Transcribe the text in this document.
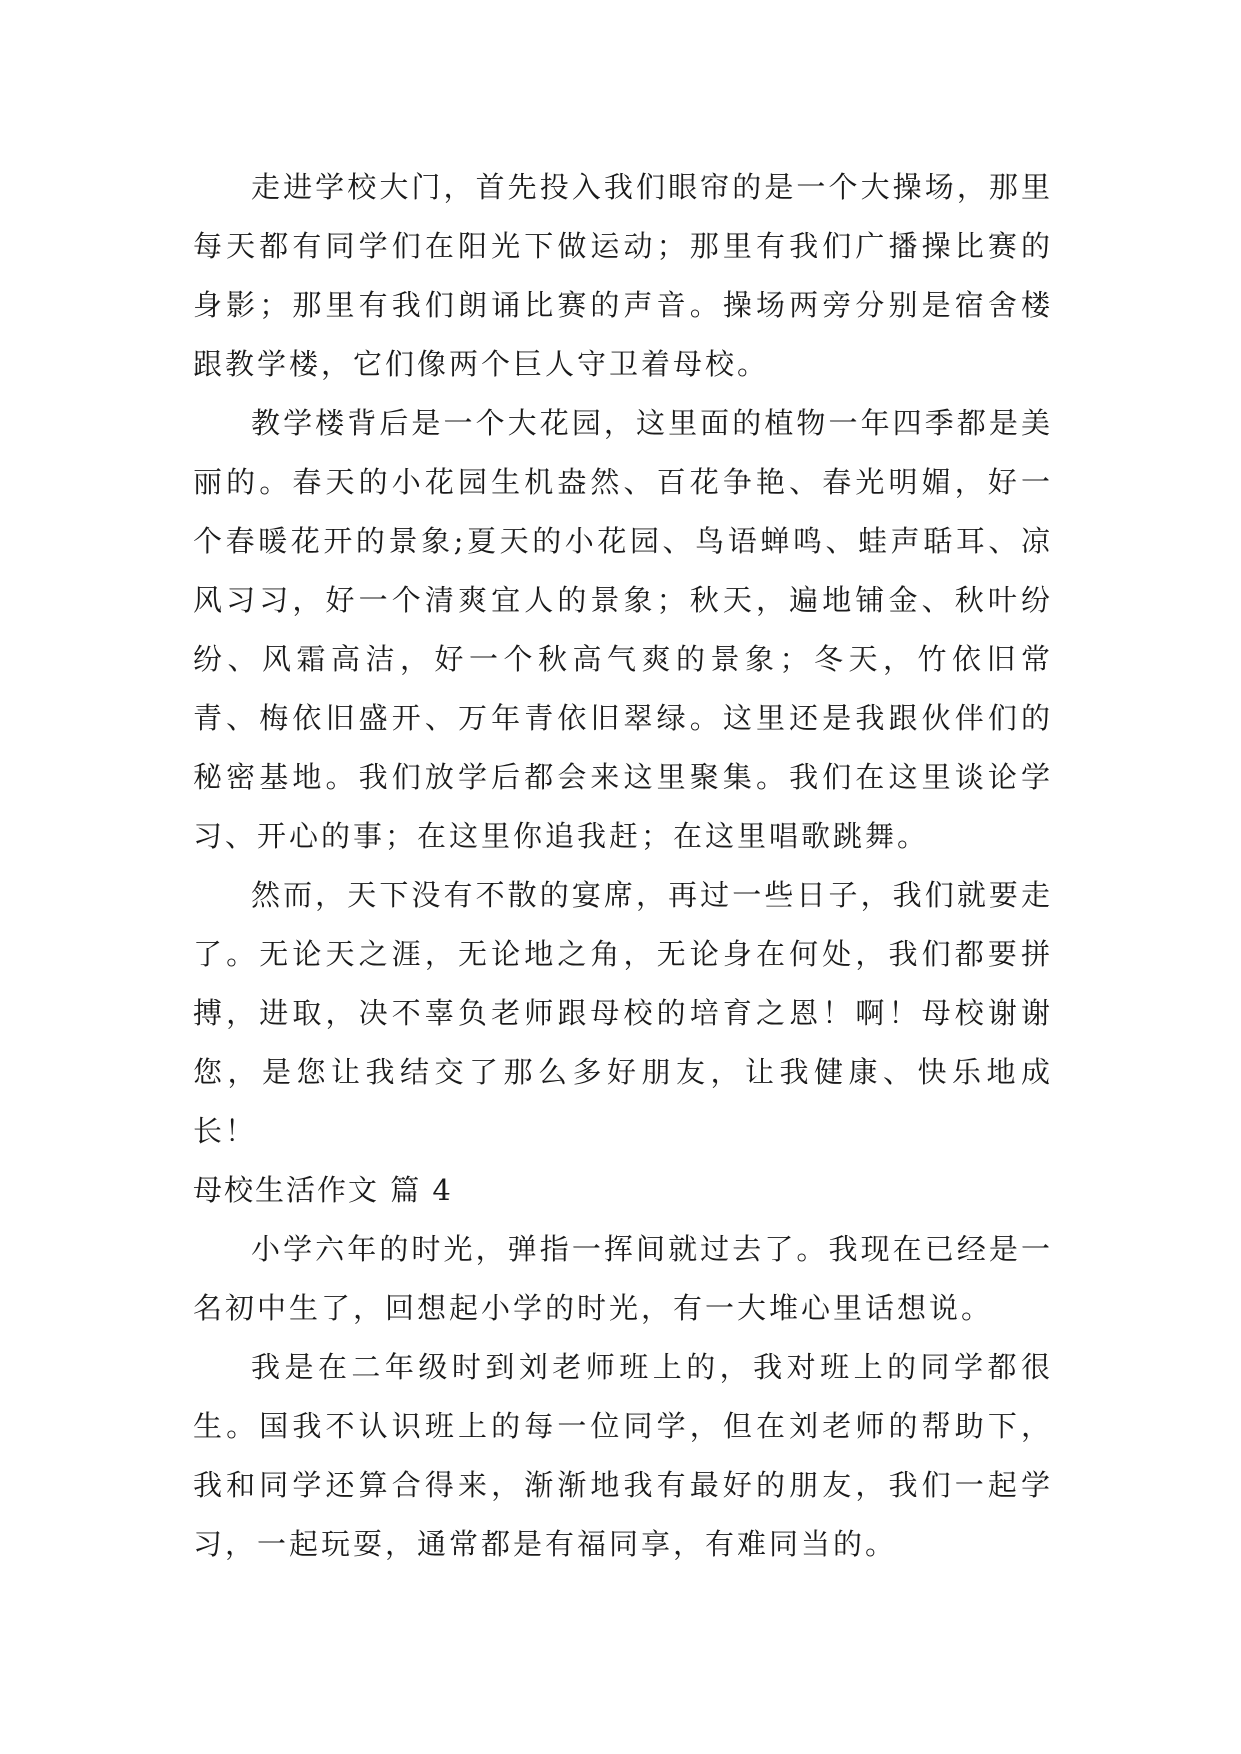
走进学校大门，首先投入我们眼帘的是一个大操场，那里每天都有同学们在阳光下做运动；那里有我们广播操比赛的身影；那里有我们朗诵比赛的声音。操场两旁分别是宿舍楼跟教学楼，它们像两个巨人守卫着母校。

教学楼背后是一个大花园，这里面的植物一年四季都是美丽的。春天的小花园生机盎然、百花争艳、春光明媚，好一个春暖花开的景象;夏天的小花园、鸟语蝉鸣、蛙声聒耳、凉风习习，好一个清爽宜人的景象；秋天，遍地铺金、秋叶纷纷、风霜高洁，好一个秋高气爽的景象；冬天，竹依旧常青、梅依旧盛开、万年青依旧翠绿。这里还是我跟伙伴们的秘密基地。我们放学后都会来这里聚集。我们在这里谈论学习、开心的事；在这里你追我赶；在这里唱歌跳舞。

然而，天下没有不散的宴席，再过一些日子，我们就要走了。无论天之涯，无论地之角，无论身在何处，我们都要拼搏，进取，决不辜负老师跟母校的培育之恩！啊！母校谢谢您，是您让我结交了那么多好朋友，让我健康、快乐地成长！

母校生活作文 篇 4

小学六年的时光，弹指一挥间就过去了。我现在已经是一名初中生了，回想起小学的时光，有一大堆心里话想说。

我是在二年级时到刘老师班上的，我对班上的同学都很生。国我不认识班上的每一位同学，但在刘老师的帮助下，我和同学还算合得来，渐渐地我有最好的朋友，我们一起学习，一起玩耍，通常都是有福同享，有难同当的。
